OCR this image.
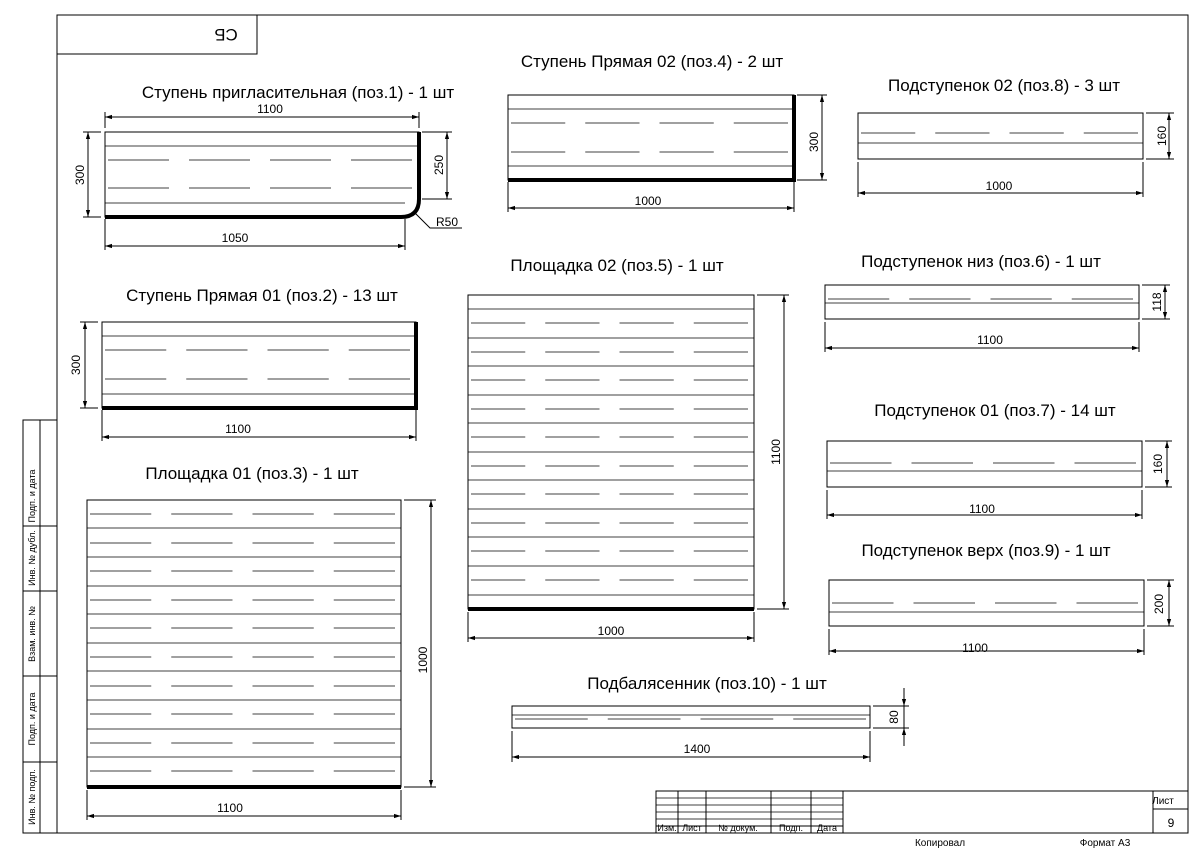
СБ
Подп. и дата
Инв. № дубл.
Взам. инв. №
Подп. и дата
Инв. № подп.
Ступень пригласительная (поз.1) - 1 шт
1100
1050
300	250
R50
Ступень Прямая 01 (поз.2) - 13 шт
1100
300
Площадка 01 (поз.3) - 1 шт
1100
1000
Ступень Прямая 02 (поз.4) - 2 шт
1000
300
Площадка 02 (поз.5) - 1 шт
1000
1100
Подступенок 02 (поз.8) - 3 шт
1000
160
Подступенок низ (поз.6) - 1 шт
1100
118
Подступенок 01 (поз.7) - 14 шт
1100
160
Подступенок верх (поз.9) - 1 шт
1100
200
Подбалясенник (поз.10) - 1 шт
1400
80
Изм. Лист № докум. Подп. Дата
Лист
9
Копировал	Формат А3
